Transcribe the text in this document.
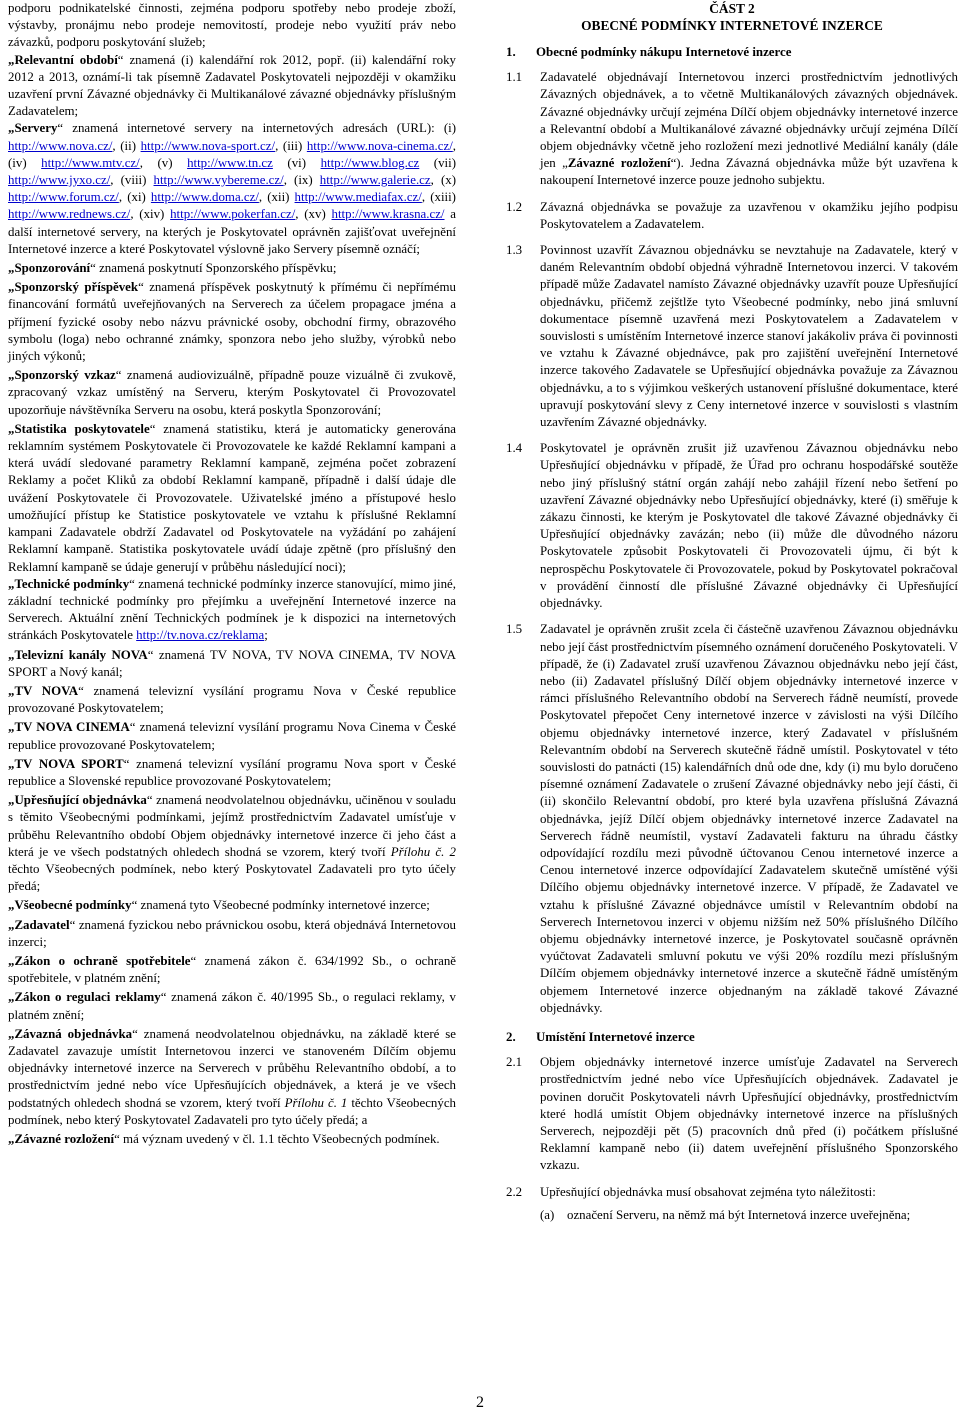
podporu podnikatelské činnosti, zejména podporu spotřeby nebo prodeje zboží, výstavby, pronájmu nebo prodeje nemovitostí, prodeje nebo využití práv nebo závazků, podporu poskytování služeb;

„Relevantní období“ znamená (i) kalendářní rok 2012, popř. (ii) kalendářní roky 2012 a 2013, oznámí-li tak písemně Zadavatel Poskytovateli nejpozději v okamžiku uzavření první Závazné objednávky či Multikanálové závazné objednávky příslušným Zadavatelem;

„Servery“ znamená internetové servery na internetových adresách (URL): (i) http://www.nova.cz/, (ii) http://www.nova-sport.cz/, (iii) http://www.nova-cinema.cz/, (iv) http://www.mtv.cz/, (v) http://www.tn.cz (vi) http://www.blog.cz (vii) http://www.jyxo.cz/, (viii) http://www.vybereme.cz/, (ix) http://www.galerie.cz, (x) http://www.forum.cz/, (xi) http://www.doma.cz/, (xii) http://www.mediafax.cz/, (xiii) http://www.rednews.cz/, (xiv) http://www.pokerfan.cz/, (xv) http://www.krasna.cz/ a další internetové servery, na kterých je Poskytovatel oprávněn zajišťovat uveřejnění Internetové inzerce a které Poskytovatel výslovně jako Servery písemně oznáčí;

„Sponzorování“ znamená poskytnutí Sponzorského příspěvku;

„Sponzorský příspěvek“ znamená příspěvek poskytnutý k přímému či nepřímému financování formátů uveřejňovaných na Serverech za účelem propagace jména a příjmení fyzické osoby nebo názvu právnické osoby, obchodní firmy, obrazového symbolu (loga) nebo ochranné známky, sponzora nebo jeho služby, výrobků nebo jiných výkonů;

„Sponzorský vzkaz“ znamená audiovizuálně, případně pouze vizuálně či zvukově, zpracovaný vzkaz umístěný na Serveru, kterým Poskytovatel či Provozovatel upozorňuje návštěvníka Serveru na osobu, která poskytla Sponzorování;

„Statistika poskytovatele“ znamená statistiku, která je automaticky generována reklamním systémem Poskytovatele či Provozovatele ke každé Reklamní kampani a která uvádí sledované parametry Reklamní kampaně, zejména počet zobrazení Reklamy a počet Kliků za období Reklamní kampaně, případně i další údaje dle uvážení Poskytovatele či Provozovatele. Uživatelské jméno a přístupové heslo umožňující přístup ke Statistice poskytovatele ve vztahu k příslušné Reklamní kampani Zadavatele obdrží Zadavatel od Poskytovatele na vyžádání po zahájení Reklamní kampaně. Statistika poskytovatele uvádí údaje zpětně (pro příslušný den Reklamní kampaně se údaje generují v průběhu následující noci);

„Technické podmínky“ znamená technické podmínky inzerce stanovující, mimo jiné, základní technické podmínky pro přejímku a uveřejnění Internetové inzerce na Serverech. Aktuální znění Technických podmínek je k dispozici na internetových stránkách Poskytovatele http://tv.nova.cz/reklama;

„Televizní kanály NOVA“ znamená TV NOVA, TV NOVA CINEMA, TV NOVA SPORT a Nový kanál;

„TV NOVA“ znamená televizní vysílání programu Nova v České republice provozované Poskytovatelem;

„TV NOVA CINEMA“ znamená televizní vysílání programu Nova Cinema v České republice provozované Poskytovatelem;

„TV NOVA SPORT“ znamená televizní vysílání programu Nova sport v České republice a Slovenské republice provozované Poskytovatelem;

„Upřesňující objednávka“ znamená neodvolatelnou objednávku, učiněnou v souladu s těmito Všeobecnými podmínkami, jejímž prostřednictvím Zadavatel umísťuje v průběhu Relevantního období Objem objednávky internetové inzerce či jeho část a která je ve všech podstatných ohledech shodná se vzorem, který tvoří Přílohu č. 2 těchto Všeobecných podmínek, nebo který Poskytovatel Zadavateli pro tyto účely předá;

„Všeobecné podmínky“ znamená tyto Všeobecné podmínky internetové inzerce;

„Zadavatel“ znamená fyzickou nebo právnickou osobu, která objednává Internetovou inzerci;

„Zákon o ochraně spotřebitele“ znamená zákon č. 634/1992 Sb., o ochraně spotřebitele, v platném znění;

„Zákon o regulaci reklamy“ znamená zákon č. 40/1995 Sb., o regulaci reklamy, v platném znění;

„Závazná objednávka“ znamená neodvolatelnou objednávku, na základě které se Zadavatel zavazuje umístit Internetovou inzerci ve stanoveném Dílčím objemu objednávky internetové inzerce na Serverech v průběhu Relevantního období, a to prostřednictvím jedné nebo více Upřesňujících objednávek, a která je ve všech podstatných ohledech shodná se vzorem, který tvoří Přílohu č. 1 těchto Všeobecných podmínek, nebo který Poskytovatel Zadavateli pro tyto účely předá; a

„Závazné rozložení“ má význam uvedený v čl. 1.1 těchto Všeobecných podmínek.

ČÁST 2

OBECNÉ PODMÍNKY INTERNETOVÉ INZERCE

1.	Obecné podmínky nákupu Internetové inzerce
1.1	Zadavatelé objednávají Internetovou inzerci prostřednictvím jednotlivých Závazných objednávek, a to včetně Multikanálových závazných objednávek. Závazné objednávky určují zejména Dílčí objem objednávky internetové inzerce a Relevantní období a Multikanálové závazné objednávky určují zejména Dílčí objem objednávky včetně jeho rozložení mezi jednotlivé Mediální kanály (dále jen „Závazné rozložení“). Jedna Závazná objednávka může být uzavřena k nakoupení Internetové inzerce pouze jednoho subjektu.
1.2	Závazná objednávka se považuje za uzavřenou v okamžiku jejího podpisu Poskytovatelem a Zadavatelem.
1.3	Povinnost uzavřít Závaznou objednávku se nevztahuje na Zadavatele, který v daném Relevantním období objedná výhradně Internetovou inzerci. V takovém případě může Zadavatel namísto Závazné objednávky uzavřít pouze Upřesňující objednávku, přičemž zejštlže tyto Všeobecné podmínky, nebo jiná smluvní dokumentace písemně uzavřená mezi Poskytovatelem a Zadavatelem v souvislosti s umístěním Internetové inzerce stanoví jakákoliv práva či povinnosti ve vztahu k Závazné objednávce, pak pro zajištění uveřejnění Internetové inzerce takového Zadavatele se Upřesňující objednávka považuje za Závaznou objednávku, a to s výjimkou veškerých ustanovení příslušné dokumentace, které upravují poskytování slevy z Ceny internetové inzerce v souvislosti s vlastním uzavřením Závazné objednávky.
1.4	Poskytovatel je oprávněn zrušit již uzavřenou Závaznou objednávku nebo Upřesňující objednávku v případě, že Úřad pro ochranu hospodářské soutěže nebo jiný příslušný státní orgán zahájí nebo zahájil řízení nebo šetření po uzavření Závazné objednávky nebo Upřesňující objednávky, které (i) směřuje k zákazu činnosti, ke kterým je Poskytovatel dle takové Závazné objednávky či Upřesňující objednávky zavázán; nebo (ii) může dle důvodného názoru Poskytovatele způsobit Poskytovateli či Provozovateli újmu, či být k neprospěchu Poskytovatele či Provozovatele, pokud by Poskytovatel pokračoval v provádění činností dle příslušné Závazné objednávky či Upřesňující objednávky.
1.5	Zadavatel je oprávněn zrušit zcela či částečně uzavřenou Závaznou objednávku nebo její část prostřednictvím písemného oznámení doručeného Poskytovateli. V případě, že (i) Zadavatel zruší uzavřenou Závaznou objednávku nebo její část, nebo (ii) Zadavatel příslušný Dílčí objem objednávky internetové inzerce v rámci příslušného Relevantního období na Serverech řádně neumístí, provede Poskytovatel přepočet Ceny internetové inzerce v závislosti na výši Dílčího objemu objednávky internetové inzerce, který Zadavatel v příslušném Relevantním období na Serverech skutečně řádně umístil. Poskytovatel v této souvislosti do patnácti (15) kalendářních dnů ode dne, kdy (i) mu bylo doručeno písemné oznámení Zadavatele o zrušení Závazné objednávky nebo její části, či (ii) skončilo Relevantní období, pro které byla uzavřena příslušná Závazná objednávka, jejíž Dílčí objem objednávky internetové inzerce Zadavatel na Serverech řádně neumístil, vystaví Zadavateli fakturu na úhradu částky odpovídající rozdílu mezi původně účtovanou Cenou internetové inzerce a Cenou internetové inzerce odpovídající Zadavatelem skutečně umístěné výši Dílčího objemu objednávky internetové inzerce. V případě, že Zadavatel ve vztahu k příslušné Závazné objednávce umístil v Relevantním období na Serverech Internetovou inzerci v objemu nižším než 50% příslušného Dílčího objemu objednávky internetové inzerce, je Poskytovatel současně oprávněn vyúčtovat Zadavateli smluvní pokutu ve výši 20% rozdílu mezi příslušným Dílčím objemem objednávky internetové inzerce a skutečně řádně umístěným objemem Internetové inzerce objednaným na základě takové Závazné objednávky.
2.	Umístění Internetové inzerce
2.1	Objem objednávky internetové inzerce umísťuje Zadavatel na Serverech prostřednictvím jedné nebo více Upřesňujících objednávek. Zadavatel je povinen doručit Poskytovateli návrh Upřesňující objednávky, prostřednictvím které hodlá umístit Objem objednávky internetové inzerce na příslušných Serverech, nejpozději pět (5) pracovních dnů před (i) počátkem příslušné Reklamní kampaně nebo (ii) datem uveřejnění příslušného Sponzorského vzkazu.
2.2	Upřesňující objednávka musí obsahovat zejména tyto náležitosti:
(a) označení Serveru, na němž má být Internetová inzerce uveřejněna;
2
